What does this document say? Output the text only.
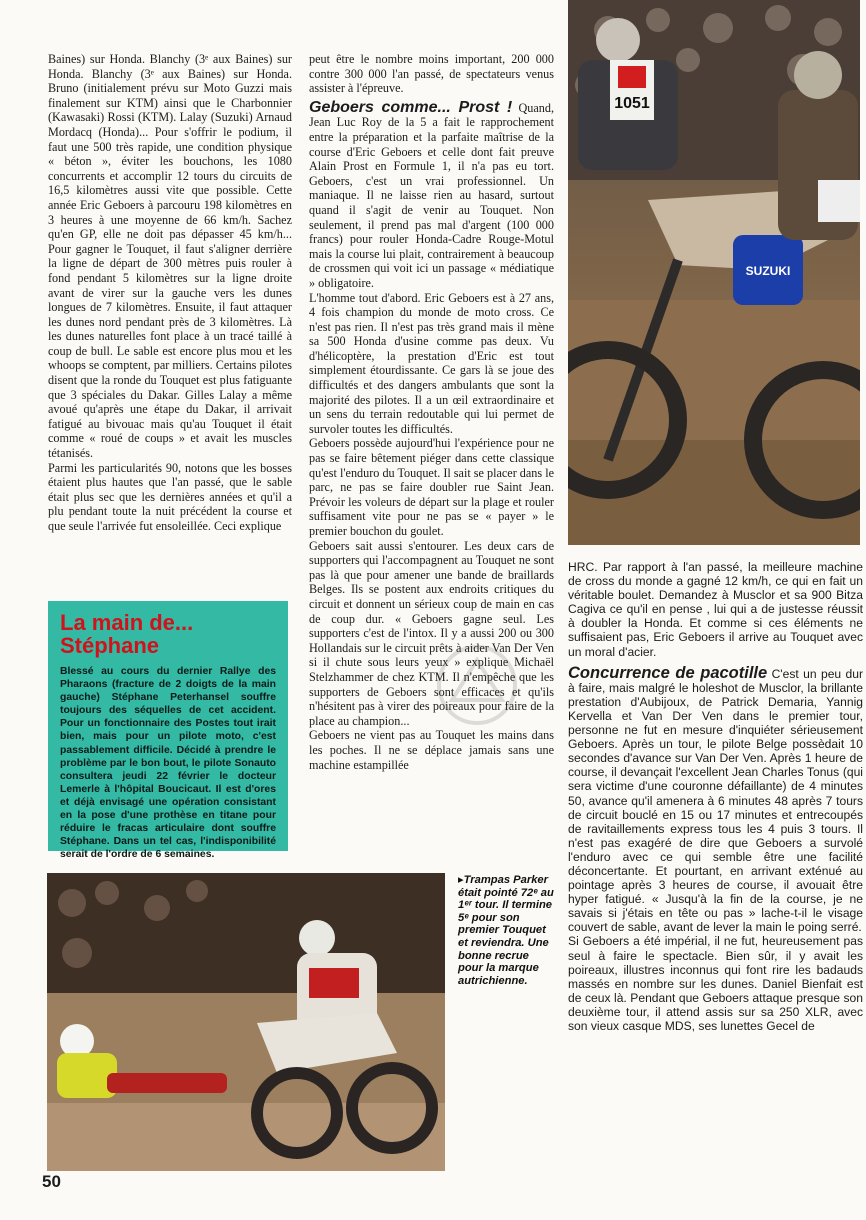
Baines) sur Honda. Blanchy (3ᵉ aux Baines) sur Honda. Blanchy (3ᵉ aux Baines) sur Honda. Bruno (initialement prévu sur Moto Guzzi mais finalement sur KTM) ainsi que le Charbonnier (Kawasaki) Rossi (KTM). Lalay (Suzuki) Arnaud Mordacq (Honda)... Pour s'offrir le podium, il faut une 500 très rapide, une condition physique « béton », éviter les bouchons, les 1080 concurrents et accomplir 12 tours du circuits de 16,5 kilomètres aussi vite que possible. Cette année Eric Geboers à parcouru 198 kilomètres en 3 heures à une moyenne de 66 km/h. Sachez qu'en GP, elle ne doit pas dépasser 45 km/h... Pour gagner le Touquet, il faut s'aligner derrière la ligne de départ de 300 mètres puis rouler à fond pendant 5 kilomètres sur la ligne droite avant de virer sur la gauche vers les dunes longues de 7 kilomètres. Ensuite, il faut attaquer les dunes nord pendant près de 3 kilomètres. Là les dunes naturelles font place à un tracé taillé à coup de bull. Le sable est encore plus mou et les whoops se comptent, par milliers. Certains pilotes disent que la ronde du Touquet est plus fatiguante que 3 spéciales du Dakar. Gilles Lalay a même avoué qu'après une étape du Dakar, il arrivait fatigué au bivouac mais qu'au Touquet il était comme « roué de coups » et avait les muscles tétanisés.

Parmi les particularités 90, notons que les bosses étaient plus hautes que l'an passé, que le sable était plus sec que les dernières années et qu'il a plu pendant toute la nuit précédent la course et que seule l'arrivée fut ensoleillée. Ceci explique

La main de...
Stéphane

Blessé au cours du dernier Rallye des Pharaons (fracture de 2 doigts de la main gauche) Stéphane Peterhansel souffre toujours des séquelles de cet accident. Pour un fonctionnaire des Postes tout irait bien, mais pour un pilote moto, c'est passablement difficile. Décidé à prendre le problème par le bon bout, le pilote Sonauto consultera jeudi 22 février le docteur Lemerle à l'hôpital Boucicaut. Il est d'ores et déjà envisagé une opération consistant en la pose d'une prothèse en titane pour réduire le fracas articulaire dont souffre Stéphane. Dans un tel cas, l'indisponibilité serait de l'ordre de 6 semaines.

peut être le nombre moins important, 200 000 contre 300 000 l'an passé, de spectateurs venus assister à l'épreuve.

Geboers comme... Prost ! Quand, Jean Luc Roy de la 5 a fait le rapprochement entre la préparation et la parfaite maîtrise de la course d'Eric Geboers et celle dont fait preuve Alain Prost en Formule 1, il n'a pas eu tort. Geboers, c'est un vrai professionnel. Un maniaque. Il ne laisse rien au hasard, surtout quand il s'agit de venir au Touquet. Non seulement, il prend pas mal d'argent (100 000 francs) pour rouler Honda-Cadre Rouge-Motul mais la course lui plait, contrairement à beaucoup de crossmen qui voit ici un passage « médiatique » obligatoire.

L'homme tout d'abord. Eric Geboers est à 27 ans, 4 fois champion du monde de moto cross. Ce n'est pas rien. Il n'est pas très grand mais il mène sa 500 Honda d'usine comme pas deux. Vu d'hélicoptère, la prestation d'Eric est tout simplement étourdissante. Ce gars là se joue des difficultés et des dangers ambulants que sont la majorité des pilotes. Il a un œil extraordinaire et un sens du terrain redoutable qui lui permet de survoler toutes les difficultés.

Geboers possède aujourd'hui l'expérience pour ne pas se faire bêtement piéger dans cette classique qu'est l'enduro du Touquet. Il sait se placer dans le parc, ne pas se faire doubler rue Saint Jean. Prévoir les voleurs de départ sur la plage et rouler suffisament vite pour ne pas se « payer » le premier bouchon du goulet.

Geboers sait aussi s'entourer. Les deux cars de supporters qui l'accompagnent au Touquet ne sont pas là que pour amener une bande de braillards Belges. Ils se postent aux endroits critiques du circuit et donnent un sérieux coup de main en cas de coup dur. « Geboers gagne seul. Les supporters c'est de l'intox. Il y a aussi 200 ou 300 Hollandais sur le circuit prêts à aider Van Der Ven si il chute sous leurs yeux » explique Michaël Stelzhammer de chez KTM. Il n'empêche que les supporters de Geboers sont efficaces et qu'ils n'hésitent pas à virer des poireaux pour faire de la place au champion...

Geboers ne vient pas au Touquet les mains dans les poches. Il ne se déplace jamais sans une machine estampillée

1051
SUZUKI

HRC. Par rapport à l'an passé, la meilleure machine de cross du monde a gagné 12 km/h, ce qui en fait un véritable boulet. Demandez à Musclor et sa 900 Bitza Cagiva ce qu'il en pense , lui qui a de justesse réussit à doubler la Honda. Et comme si ces éléments ne suffisaient pas, Eric Geboers il arrive au Touquet avec un moral d'acier.

Concurrence de pacotille C'est un peu dur à faire, mais malgré le holeshot de Musclor, la brillante prestation d'Aubijoux, de Patrick Demaria, Yannig Kervella et Van Der Ven dans le premier tour, personne ne fut en mesure d'inquiéter sérieusement Geboers. Après un tour, le pilote Belge possèdait 10 secondes d'avance sur Van Der Ven. Après 1 heure de course, il devançait l'excellent Jean Charles Tonus (qui sera victime d'une couronne défaillante) de 4 minutes 50, avance qu'il amenera à 6 minutes 48 après 7 tours de circuit bouclé en 15 ou 17 minutes et entrecoupés de ravitaillements express tous les 4 puis 3 tours. Il n'est pas exagéré de dire que Geboers a survolé l'enduro avec ce qui semble être une facilité déconcertante. Et pourtant, en arrivant exténué au pointage après 3 heures de course, il avouait être hyper fatigué. « Jusqu'à la fin de la course, je ne savais si j'étais en tête ou pas » lache-t-il le visage couvert de sable, avant de lever la main le poing serré.

Si Geboers a été impérial, il ne fut, heureusement pas seul à faire le spectacle. Bien sûr, il y avait les poireaux, illustres inconnus qui font rire les badauds massés en nombre sur les dunes. Daniel Bienfait est de ceux là. Pendant que Geboers attaque presque son deuxième tour, il attend assis sur sa 250 XLR, avec son vieux casque MDS, ses lunettes Gecel de

▸Trampas Parker était pointé 72ᵉ au 1ᵉʳ tour. Il termine 5ᵉ pour son premier Touquet et reviendra. Une bonne recrue pour la marque autrichienne.
50
